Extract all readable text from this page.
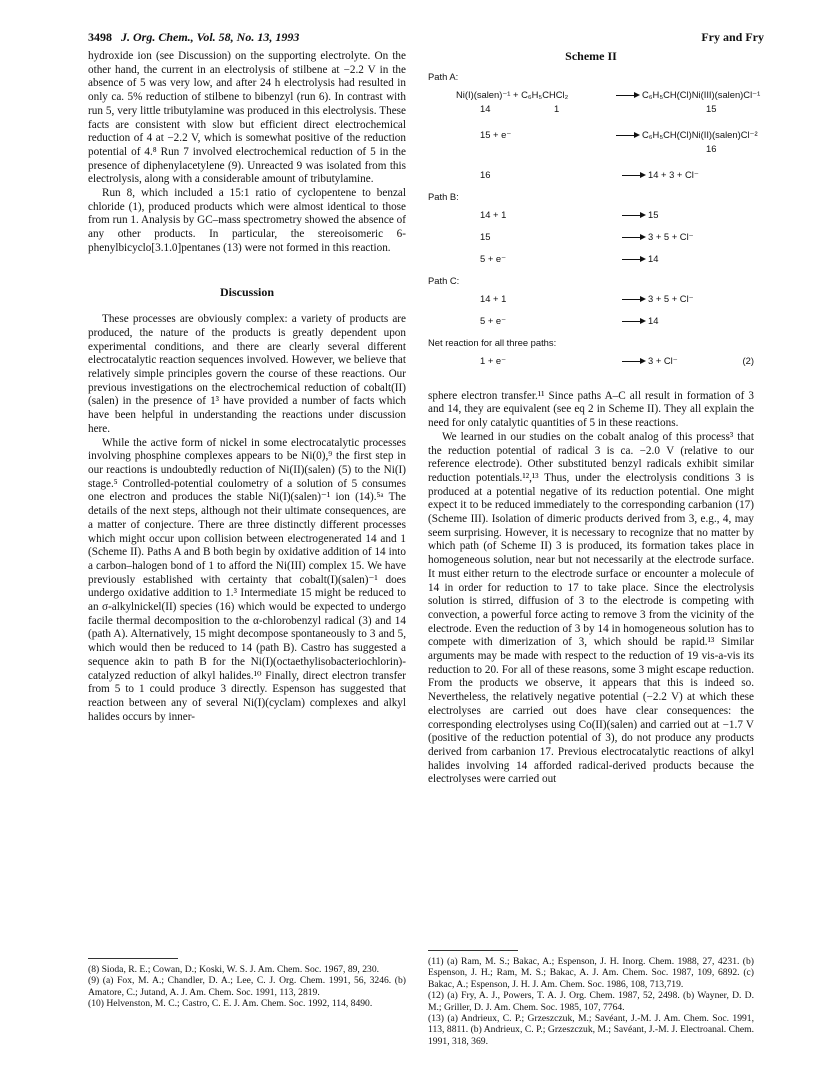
3498 J. Org. Chem., Vol. 58, No. 13, 1993	Fry and Fry

hydroxide ion (see Discussion) on the supporting electrolyte. On the other hand, the current in an electrolysis of stilbene at −2.2 V in the absence of 5 was very low, and after 24 h electrolysis had resulted in only ca. 5% reduction of stilbene to bibenzyl (run 6). In contrast with run 5, very little tributylamine was produced in this electrolysis. These facts are consistent with slow but efficient direct electrochemical reduction of 4 at −2.2 V, which is somewhat positive of the reduction potential of 4.⁸ Run 7 involved electrochemical reduction of 5 in the presence of diphenylacetylene (9). Unreacted 9 was isolated from this electrolysis, along with a considerable amount of tributylamine.

Run 8, which included a 15:1 ratio of cyclopentene to benzal chloride (1), produced products which were almost identical to those from run 1. Analysis by GC–mass spectrometry showed the absence of any other products. In particular, the stereoisomeric 6-phenylbicyclo[3.1.0]pentanes (13) were not formed in this reaction.

Discussion

These processes are obviously complex: a variety of products are produced, the nature of the products is greatly dependent upon experimental conditions, and there are clearly several different electrocatalytic reaction sequences involved. However, we believe that relatively simple principles govern the course of these reactions. Our previous investigations on the electrochemical reduction of cobalt(II)(salen) in the presence of 1³ have provided a number of facts which have been helpful in understanding the reactions under discussion here.

While the active form of nickel in some electrocatalytic processes involving phosphine complexes appears to be Ni(0),⁹ the first step in our reactions is undoubtedly reduction of Ni(II)(salen) (5) to the Ni(I) stage.⁵ Controlled-potential coulometry of a solution of 5 consumes one electron and produces the stable Ni(I)(salen)⁻¹ ion (14).⁵ᵃ The details of the next steps, although not their ultimate consequences, are a matter of conjecture. There are three distinctly different processes which might occur upon collision between electrogenerated 14 and 1 (Scheme II). Paths A and B both begin by oxidative addition of 14 into a carbon–halogen bond of 1 to afford the Ni(III) complex 15. We have previously established with certainty that cobalt(I)(salen)⁻¹ does undergo oxidative addition to 1.³ Intermediate 15 might be reduced to an σ-alkylnickel(II) species (16) which would be expected to undergo facile thermal decomposition to the α-chlorobenzyl radical (3) and 14 (path A). Alternatively, 15 might decompose spontaneously to 3 and 5, which would then be reduced to 14 (path B). Castro has suggested a sequence akin to path B for the Ni(I)(octaethylisobacteriochlorin)-catalyzed reduction of alkyl halides.¹⁰ Finally, direct electron transfer from 5 to 1 could produce 3 directly. Espenson has suggested that reaction between any of several Ni(I)(cyclam) complexes and alkyl halides occurs by inner-

(8) Sioda, R. E.; Cowan, D.; Koski, W. S. J. Am. Chem. Soc. 1967, 89, 230.

(9) (a) Fox, M. A.; Chandler, D. A.; Lee, C. J. Org. Chem. 1991, 56, 3246. (b) Amatore, C.; Jutand, A. J. Am. Chem. Soc. 1991, 113, 2819.

(10) Helvenston, M. C.; Castro, C. E. J. Am. Chem. Soc. 1992, 114, 8490.

Scheme II
Path A:
Ni(I)(salen)⁻¹ + C₆H₅CHCl₂	C₆H₅CH(Cl)Ni(III)(salen)Cl⁻¹
14	1	15
15 + e⁻	C₆H₅CH(Cl)Ni(II)(salen)Cl⁻²
16
16	14 + 3 + Cl⁻
Path B:
14 + 1	15
15	3 + 5 + Cl⁻
5 + e⁻	14
Path C:
14 + 1	3 + 5 + Cl⁻
5 + e⁻	14
Net reaction for all three paths:
1 + e⁻	3 + Cl⁻	(2)

sphere electron transfer.¹¹ Since paths A–C all result in formation of 3 and 14, they are equivalent (see eq 2 in Scheme II). They all explain the need for only catalytic quantities of 5 in these reactions.

We learned in our studies on the cobalt analog of this process³ that the reduction potential of radical 3 is ca. −2.0 V (relative to our reference electrode). Other substituted benzyl radicals exhibit similar reduction potentials.¹²,¹³ Thus, under the electrolysis conditions 3 is produced at a potential negative of its reduction potential. One might expect it to be reduced immediately to the corresponding carbanion (17) (Scheme III). Isolation of dimeric products derived from 3, e.g., 4, may seem surprising. However, it is necessary to recognize that no matter by which path (of Scheme II) 3 is produced, its formation takes place in homogeneous solution, near but not necessarily at the electrode surface. It must either return to the electrode surface or encounter a molecule of 14 in order for reduction to 17 to take place. Since the electrolysis solution is stirred, diffusion of 3 to the electrode is competing with convection, a powerful force acting to remove 3 from the vicinity of the electrode. Even the reduction of 3 by 14 in homogeneous solution has to compete with dimerization of 3, which should be rapid.¹³ Similar arguments may be made with respect to the reduction of 19 vis-a-vis its reduction to 20. For all of these reasons, some 3 might escape reduction. From the products we observe, it appears that this is indeed so. Nevertheless, the relatively negative potential (−2.2 V) at which these electrolyses are carried out does have clear consequences: the corresponding electrolyses using Co(II)(salen) and carried out at −1.7 V (positive of the reduction potential of 3), do not produce any products derived from carbanion 17. Previous electrocatalytic reactions of alkyl halides involving 14 afforded radical-derived products because the electrolyses were carried out

(11) (a) Ram, M. S.; Bakac, A.; Espenson, J. H. Inorg. Chem. 1988, 27, 4231. (b) Espenson, J. H.; Ram, M. S.; Bakac, A. J. Am. Chem. Soc. 1987, 109, 6892. (c) Bakac, A.; Espenson, J. H. J. Am. Chem. Soc. 1986, 108, 713,719.

(12) (a) Fry, A. J., Powers, T. A. J. Org. Chem. 1987, 52, 2498. (b) Wayner, D. D. M.; Griller, D. J. Am. Chem. Soc. 1985, 107, 7764.

(13) (a) Andrieux, C. P.; Grzeszczuk, M.; Savéant, J.-M. J. Am. Chem. Soc. 1991, 113, 8811. (b) Andrieux, C. P.; Grzeszczuk, M.; Savéant, J.-M. J. Electroanal. Chem. 1991, 318, 369.
